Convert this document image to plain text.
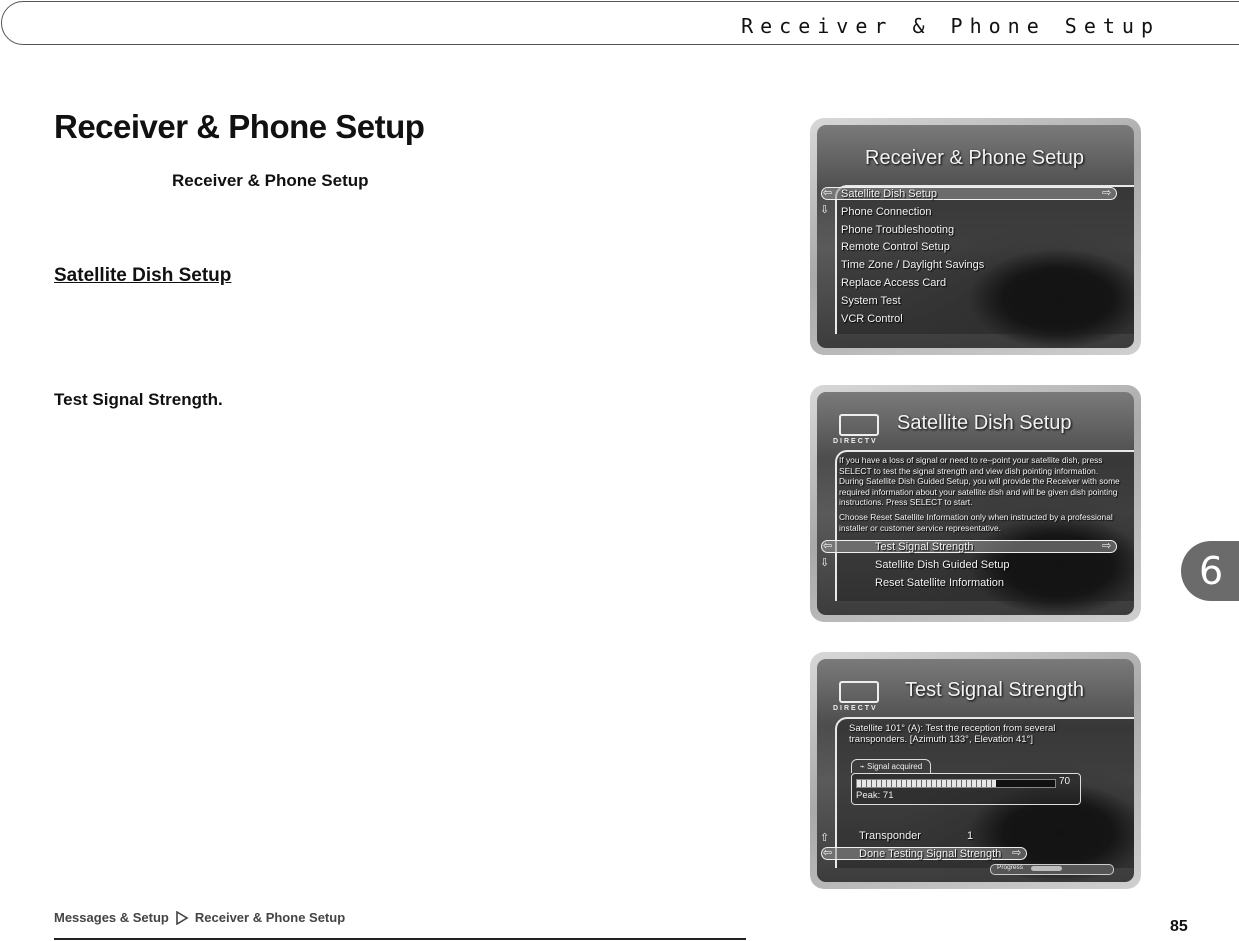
Receiver & Phone Setup
Receiver & Phone Setup
Receiver & Phone Setup
Satellite Dish Setup
Test Signal Strength.
Receiver & Phone Setup
⇦	⇨
⇩
Satellite Dish Setup
Phone Connection
Phone Troubleshooting
Remote Control Setup
Time Zone / Daylight Savings
Replace Access Card
System Test
VCR Control
DIRECTV
Satellite Dish Setup
If you have a loss of signal or need to re–point your satellite dish, press SELECT to test the signal strength and view dish pointing information. During Satellite Dish Guided Setup, you will provide the Receiver with some required information about your satellite dish and will be given dish pointing instructions. Press SELECT to start.
Choose Reset Satellite Information only when instructed by a professional installer or customer service representative.
⇦	⇨
⇩
Test Signal Strength
Satellite Dish Guided Setup
Reset Satellite Information
DIRECTV
Test Signal Strength
Satellite 101° (A): Test the reception from several transponders. [Azimuth 133°, Elevation 41°]
⌁ Signal acquired
70
Peak: 71
Transponder	1
⇧
⇦	⇨
Done Testing Signal Strength
Progress
6
Messages & Setup Receiver & Phone Setup
85
